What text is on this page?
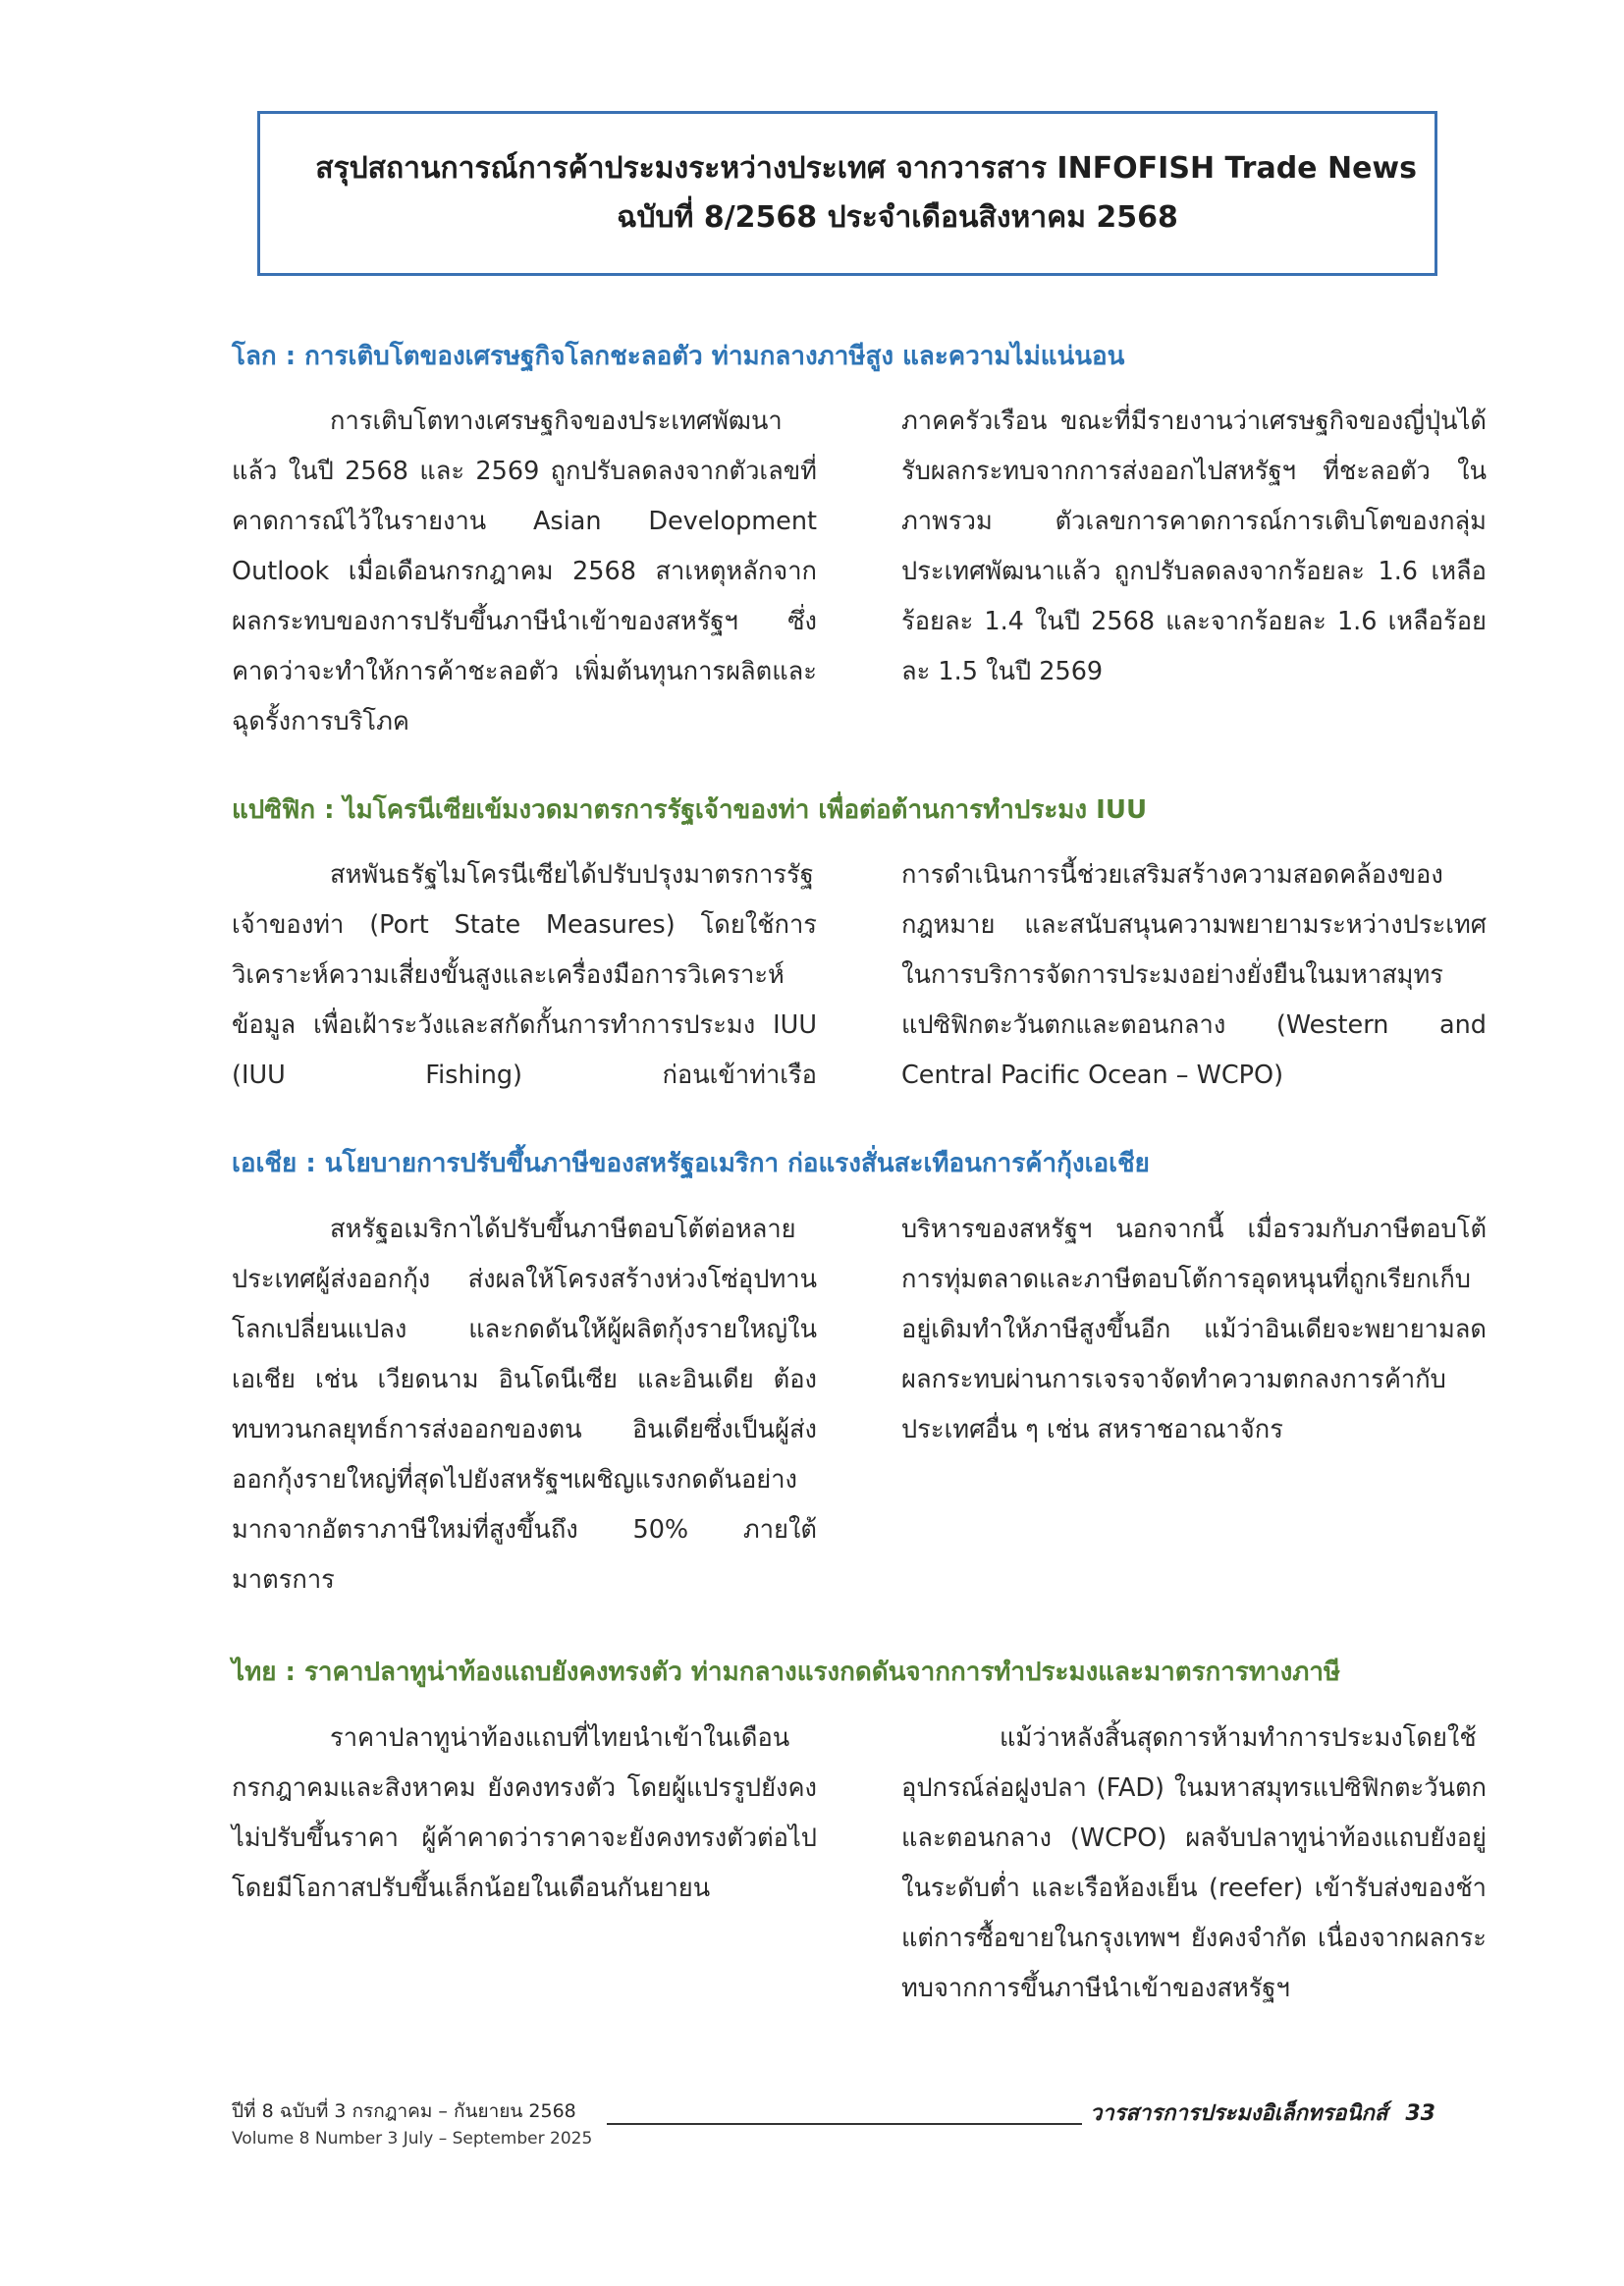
สรุปสถานการณ์การค้าประมงระหว่างประเทศ จากวารสาร INFOFISH Trade News
ฉบับที่ 8/2568 ประจำเดือนสิงหาคม 2568
โลก : การเติบโตของเศรษฐกิจโลกชะลอตัว ท่ามกลางภาษีสูง และความไม่แน่นอน
การเติบโตทางเศรษฐกิจของประเทศพัฒนาแล้ว ในปี 2568 และ 2569 ถูกปรับลดลงจากตัวเลขที่คาดการณ์ไว้ในรายงาน Asian Development Outlook เมื่อเดือนกรกฎาคม 2568 สาเหตุหลักจากผลกระทบของการปรับขึ้นภาษีนำเข้าของสหรัฐฯ ซึ่งคาดว่าจะทำให้การค้าชะลอตัว เพิ่มต้นทุนการผลิตและฉุดรั้งการบริโภค
ภาคครัวเรือน ขณะที่มีรายงานว่าเศรษฐกิจของญี่ปุ่นได้รับผลกระทบจากการส่งออกไปสหรัฐฯ ที่ชะลอตัว ในภาพรวม ตัวเลขการคาดการณ์การเติบโตของกลุ่มประเทศพัฒนาแล้ว ถูกปรับลดลงจากร้อยละ 1.6 เหลือร้อยละ 1.4 ในปี 2568 และจากร้อยละ 1.6 เหลือร้อยละ 1.5 ในปี 2569
แปซิฟิก : ไมโครนีเซียเข้มงวดมาตรการรัฐเจ้าของท่า เพื่อต่อต้านการทำประมง IUU
สหพันธรัฐไมโครนีเซียได้ปรับปรุงมาตรการรัฐเจ้าของท่า (Port State Measures) โดยใช้การวิเคราะห์ความเสี่ยงขั้นสูงและเครื่องมือการวิเคราะห์ข้อมูล เพื่อเฝ้าระวังและสกัดกั้นการทำการประมง IUU (IUU Fishing) ก่อนเข้าท่าเรือ
การดำเนินการนี้ช่วยเสริมสร้างความสอดคล้องของกฎหมาย และสนับสนุนความพยายามระหว่างประเทศในการบริการจัดการประมงอย่างยั่งยืนในมหาสมุทรแปซิฟิกตะวันตกและตอนกลาง (Western and Central Pacific Ocean – WCPO)
เอเชีย : นโยบายการปรับขึ้นภาษีของสหรัฐอเมริกา ก่อแรงสั่นสะเทือนการค้ากุ้งเอเชีย
สหรัฐอเมริกาได้ปรับขึ้นภาษีตอบโต้ต่อหลายประเทศผู้ส่งออกกุ้ง ส่งผลให้โครงสร้างห่วงโซ่อุปทานโลกเปลี่ยนแปลง และกดดันให้ผู้ผลิตกุ้งรายใหญ่ในเอเชีย เช่น เวียดนาม อินโดนีเซีย และอินเดีย ต้องทบทวนกลยุทธ์การส่งออกของตน อินเดียซึ่งเป็นผู้ส่งออกกุ้งรายใหญ่ที่สุดไปยังสหรัฐฯเผชิญแรงกดดันอย่างมากจากอัตราภาษีใหม่ที่สูงขึ้นถึง 50% ภายใต้มาตรการ
บริหารของสหรัฐฯ นอกจากนี้ เมื่อรวมกับภาษีตอบโต้การทุ่มตลาดและภาษีตอบโต้การอุดหนุนที่ถูกเรียกเก็บอยู่เดิมทำให้ภาษีสูงขึ้นอีก แม้ว่าอินเดียจะพยายามลดผลกระทบผ่านการเจรจาจัดทำความตกลงการค้ากับประเทศอื่น ๆ เช่น สหราชอาณาจักร
ไทย : ราคาปลาทูน่าท้องแถบยังคงทรงตัว ท่ามกลางแรงกดดันจากการทำประมงและมาตรการทางภาษี
ราคาปลาทูน่าท้องแถบที่ไทยนำเข้าในเดือนกรกฎาคมและสิงหาคม ยังคงทรงตัว โดยผู้แปรรูปยังคงไม่ปรับขึ้นราคา ผู้ค้าคาดว่าราคาจะยังคงทรงตัวต่อไป โดยมีโอกาสปรับขึ้นเล็กน้อยในเดือนกันยายน
แม้ว่าหลังสิ้นสุดการห้ามทำการประมงโดยใช้อุปกรณ์ล่อฝูงปลา (FAD) ในมหาสมุทรแปซิฟิกตะวันตกและตอนกลาง (WCPO) ผลจับปลาทูน่าท้องแถบยังอยู่ในระดับต่ำ และเรือห้องเย็น (reefer) เข้ารับส่งของช้าแต่การซื้อขายในกรุงเทพฯ ยังคงจำกัด เนื่องจากผลกระทบจากการขึ้นภาษีนำเข้าของสหรัฐฯ
ปีที่ 8 ฉบับที่ 3 กรกฎาคม – กันยายน 2568
Volume 8 Number 3 July – September 2025
วารสารการประมงอิเล็กทรอนิกส์ 33
